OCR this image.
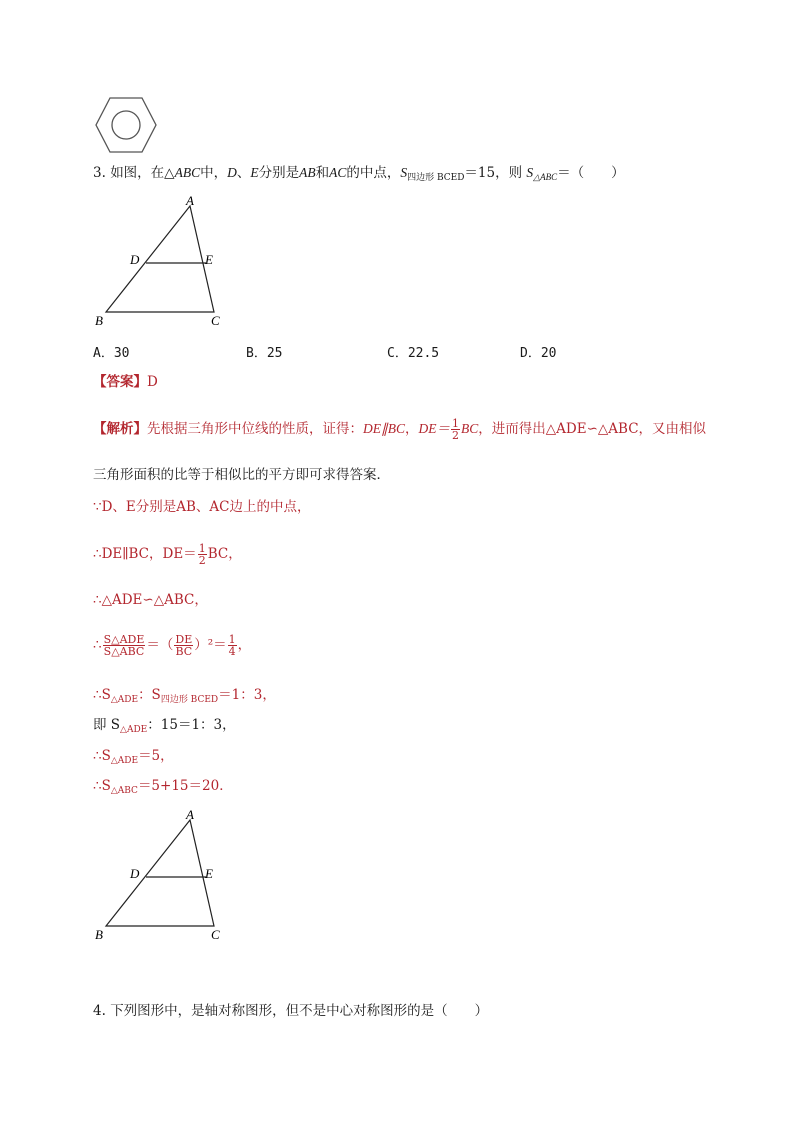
3. 如图，在△ABC中，D、E分别是AB和AC的中点，$S_{四边形 BCED}=15$，则 $S_{\triangle ABC}=$（　　）
A
D	E
B	C
A．30	B．25	C．22.5	D．20
【答案】D
【解析】先根据三角形中位线的性质，证得：DE∥BC，$DE= \frac{1}{2}$ BC，进而得出△ADE∽△ABC，又由相似
三角形面积的比等于相似比的平方即可求得答案．
∵D、E分别是AB、AC边上的中点，
∴DE∥BC，$DE= \frac{1}{2}$ BC，
∴△ADE∽△ABC，
∴ $\frac{\text{S△ADE}}{\text{S△ABC}}$ ＝（ $\frac{DE}{BC} )^2= \frac{1}{4}$ ，
$\therefore S_{\triangle ADE}$：$S_{四边形 BCED}=1$：3，
即 $S_{\triangle ADE}$：15＝1：3，
$\therefore S_{\triangle ADE}=5$，
$\therefore S_{\triangle ABC}=5+15=20$．
A
D	E
B	C
4. 下列图形中，是轴对称图形，但不是中心对称图形的是（　　）
